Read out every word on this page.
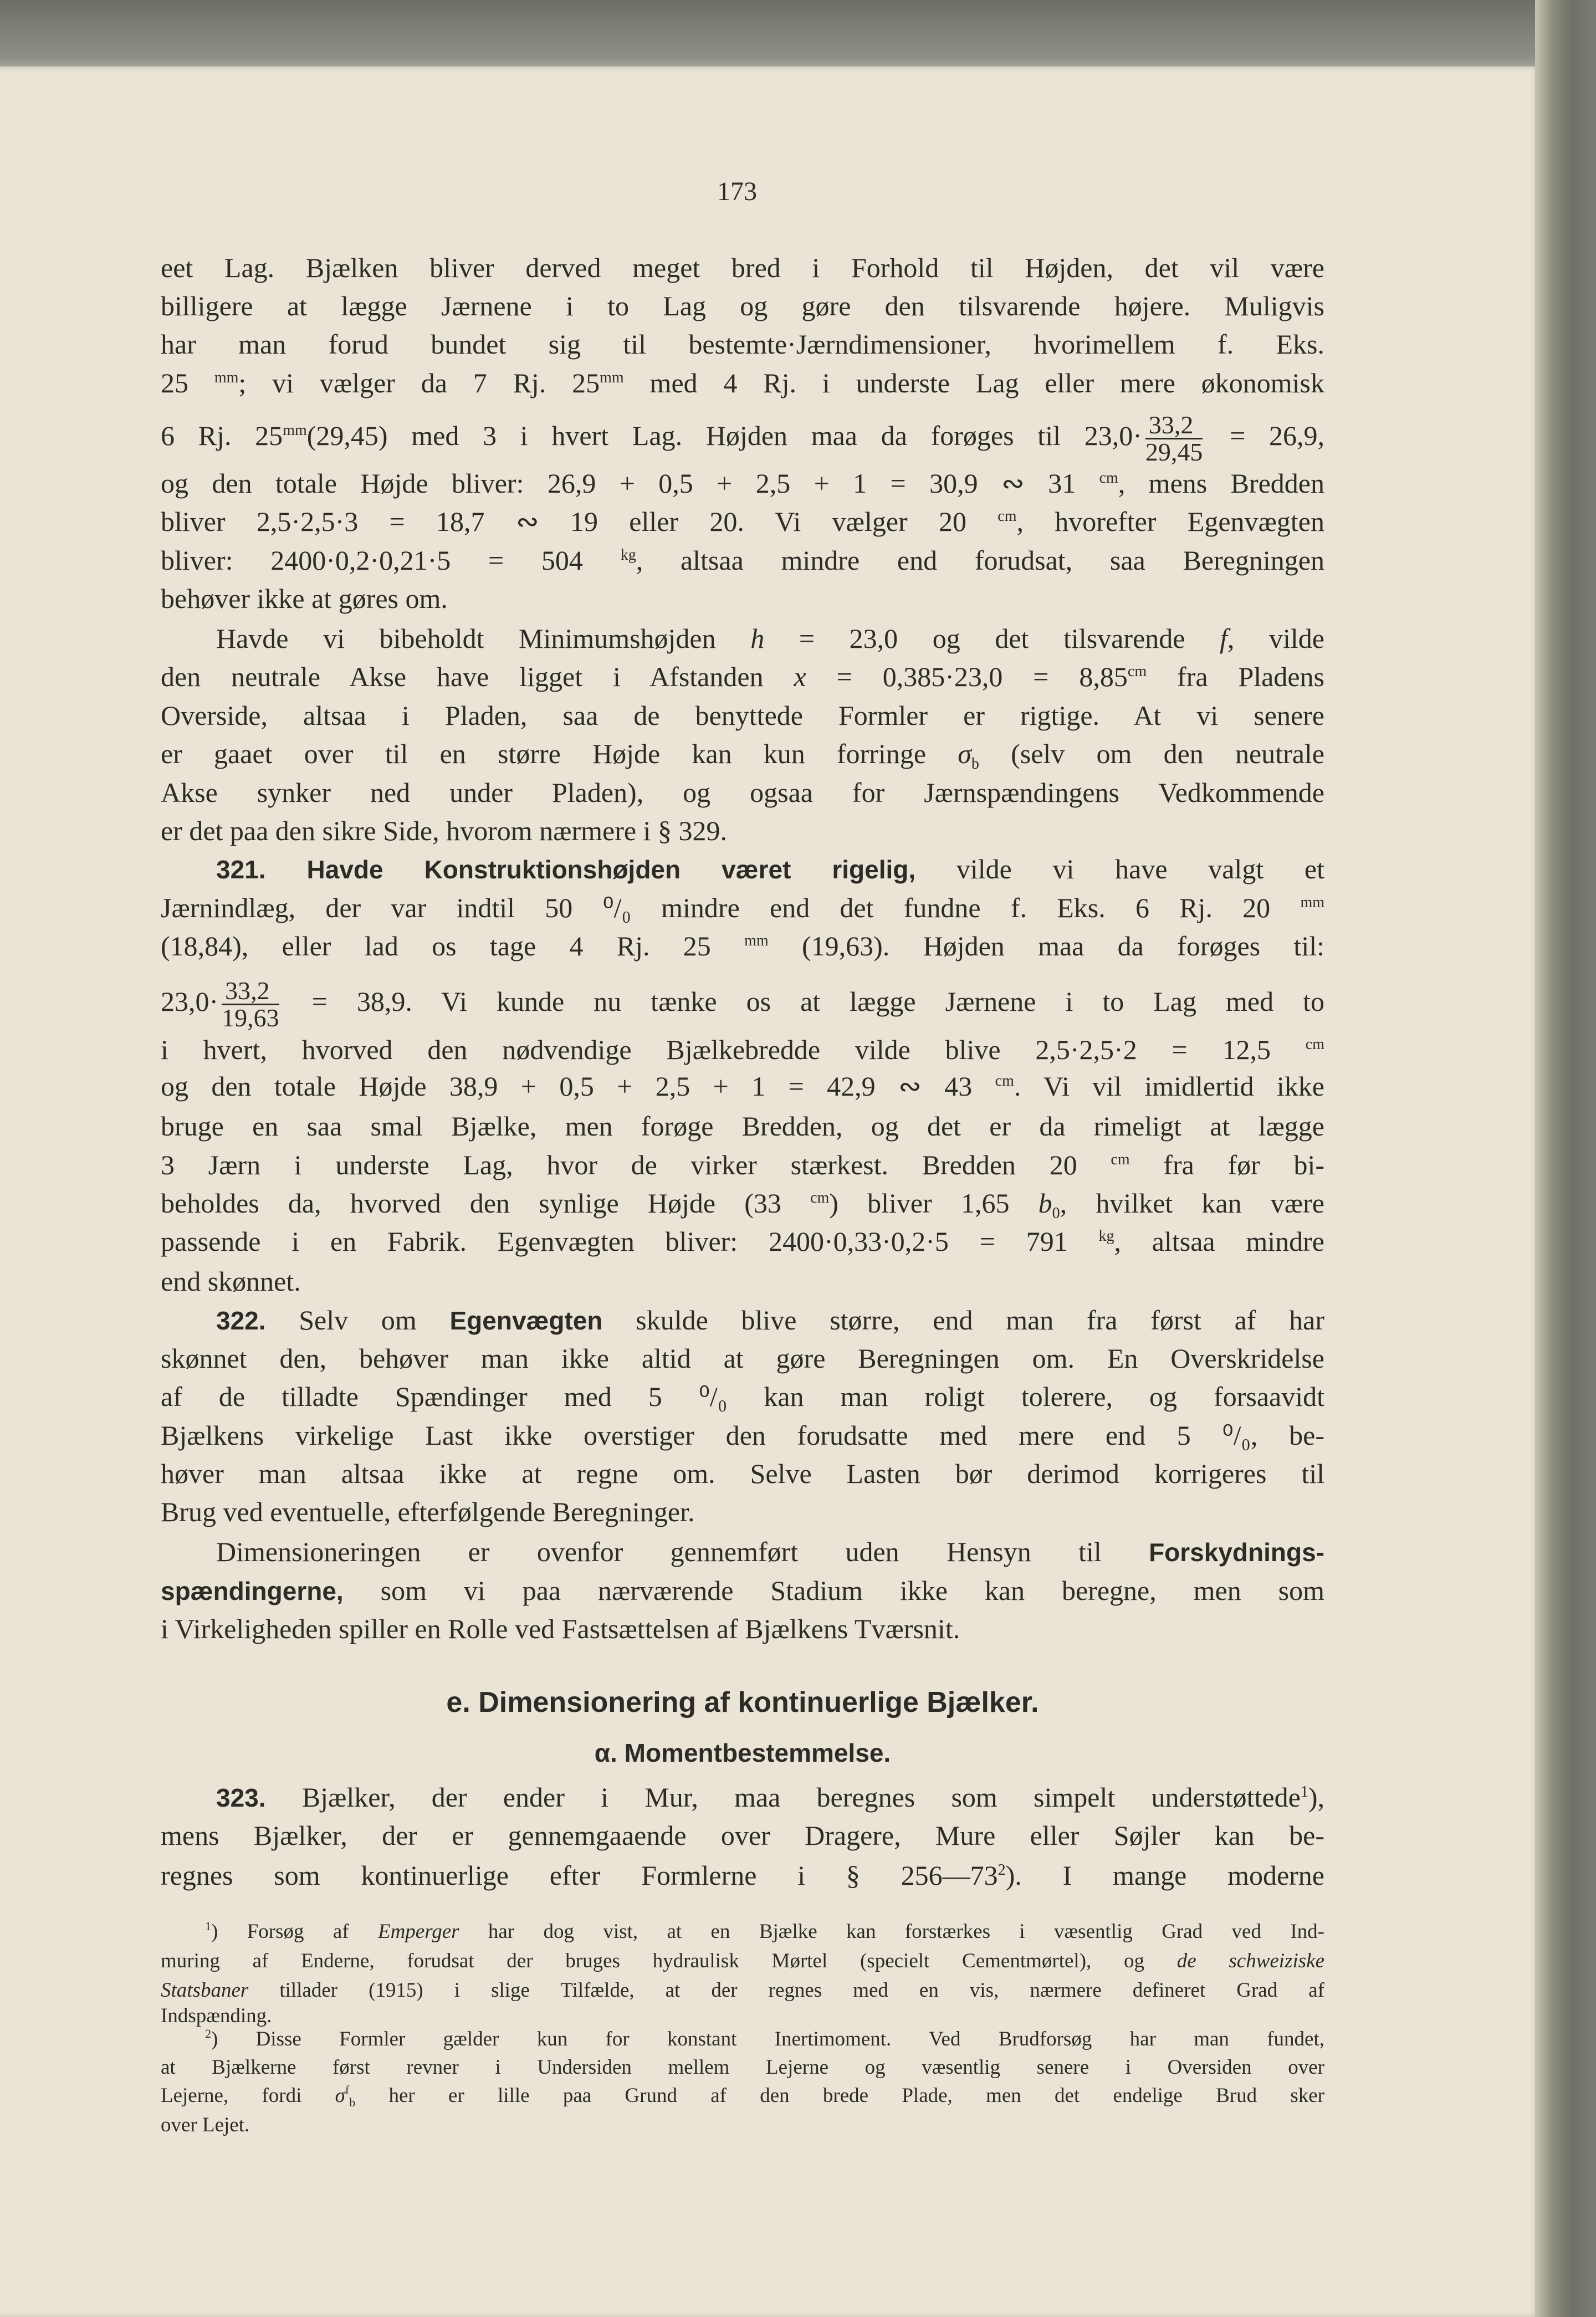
173
eet Lag. Bjælken bliver derved meget bred i Forhold til Højden, det vil være
billigere at lægge Jærnene i to Lag og gøre den tilsvarende højere. Muligvis
har man forud bundet sig til bestemte·Jærndimensioner, hvorimellem f. Eks.
25 $^{mm}$; vi vælger da 7 Rj. $25^{mm}$ med 4 Rj. i underste Lag eller mere økonomisk
6 Rj. $25^{mm}(29,45)$ med 3 i hvert Lag. Højden maa da forøges til $23,0\cdot \frac{33,2}{29,45} = 26,9$,
og den totale Højde bliver: 26,9 + 0,5 + 2,5 + 1 = 30,9 ∾ 31 $^{cm}$, mens Bredden
bliver 2,5·2,5·3 = 18,7 ∾ 19 eller 20. Vi vælger 20 $^{cm}$, hvorefter Egenvægten
bliver: 2400·0,2·0,21·5 = 504 $^{kg}$, altsaa mindre end forudsat, saa Beregningen
behøver ikke at gøres om.
Havde vi bibeholdt Minimumshøjden h = 23,0 og det tilsvarende f, vilde
den neutrale Akse have ligget i Afstanden $x = 0,385\cdot 23,0 = 8,85^{cm}$ fra Pladens
Overside, altsaa i Pladen, saa de benyttede Formler er rigtige. At vi senere
er gaaet over til en større Højde kan kun forringe $\sigma_b$ (selv om den neutrale
Akse synker ned under Pladen), og ogsaa for Jærnspændingens Vedkommende
er det paa den sikre Side, hvorom nærmere i § 329.
321. Havde Konstruktionshøjden været rigelig, vilde vi have valgt et
Jærnindlæg, der var indtil 50 ⁰/₀ mindre end det fundne f. Eks. 6 Rj. 20 $^{mm}$
(18,84), eller lad os tage 4 Rj. 25 $^{mm}$ (19,63). Højden maa da forøges til:
$23,0\cdot \frac{33,2}{19,63} = 38,9$. Vi kunde nu tænke os at lægge Jærnene i to Lag med to
i hvert, hvorved den nødvendige Bjælkebredde vilde blive 2,5·2,5·2 = 12,5 $^{cm}$
og den totale Højde 38,9 + 0,5 + 2,5 + 1 = 42,9 ∾ 43 $^{cm}$. Vi vil imidlertid ikke
bruge en saa smal Bjælke, men forøge Bredden, og det er da rimeligt at lægge
3 Jærn i underste Lag, hvor de virker stærkest. Bredden 20 $^{cm}$ fra før bi-
beholdes da, hvorved den synlige Højde (33 $^{cm}$) bliver 1,65 $b_0$, hvilket kan være
passende i en Fabrik. Egenvægten bliver: 2400·0,33·0,2·5 = 791 $^{kg}$, altsaa mindre
end skønnet.
322. Selv om Egenvægten skulde blive større, end man fra først af har
skønnet den, behøver man ikke altid at gøre Beregningen om. En Overskridelse
af de tilladte Spændinger med 5 ⁰/₀ kan man roligt tolerere, og forsaavidt
Bjælkens virkelige Last ikke overstiger den forudsatte med mere end 5 ⁰/₀, be-
høver man altsaa ikke at regne om. Selve Lasten bør derimod korrigeres til
Brug ved eventuelle, efterfølgende Beregninger.
Dimensioneringen er ovenfor gennemført uden Hensyn til Forskydnings-
spændingerne, som vi paa nærværende Stadium ikke kan beregne, men som
i Virkeligheden spiller en Rolle ved Fastsættelsen af Bjælkens Tværsnit.
e. Dimensionering af kontinuerlige Bjælker.
α. Momentbestemmelse.
323. Bjælker, der ender i Mur, maa beregnes som simpelt understøttede$^1$),
mens Bjælker, der er gennemgaaende over Dragere, Mure eller Søjler kan be-
regnes som kontinuerlige efter Formlerne i § $256—73^2$). I mange moderne
$^1$) Forsøg af Emperger har dog vist, at en Bjælke kan forstærkes i væsentlig Grad ved Ind-
muring af Enderne, forudsat der bruges hydraulisk Mørtel (specielt Cementmørtel), og de schweiziske
Statsbaner tillader (1915) i slige Tilfælde, at der regnes med en vis, nærmere defineret Grad af
Indspænding.
$^2$) Disse Formler gælder kun for konstant Inertimoment. Ved Brudforsøg har man fundet,
at Bjælkerne først revner i Undersiden mellem Lejerne og væsentlig senere i Oversiden over
Lejerne, fordi $\sigma^f_b$ her er lille paa Grund af den brede Plade, men det endelige Brud sker
over Lejet.
